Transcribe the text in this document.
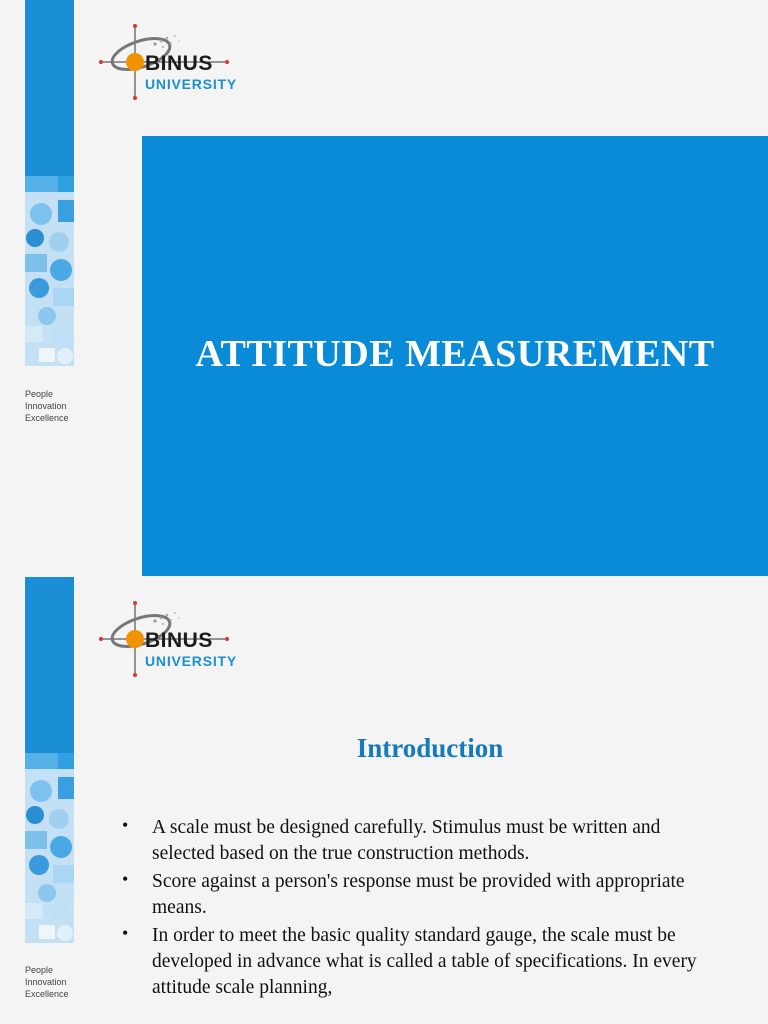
People
Innovation
Excellence
BINUS
UNIVERSITY
ATTITUDE MEASUREMENT
People
Innovation
Excellence
BINUS
UNIVERSITY
Introduction
• A scale must be designed carefully. Stimulus must be written and selected based on the true construction methods.
• Score against a person's response must be provided with appropriate means.
• In order to meet the basic quality standard gauge, the scale must be developed in advance what is called a table of specifications. In every attitude scale planning,
